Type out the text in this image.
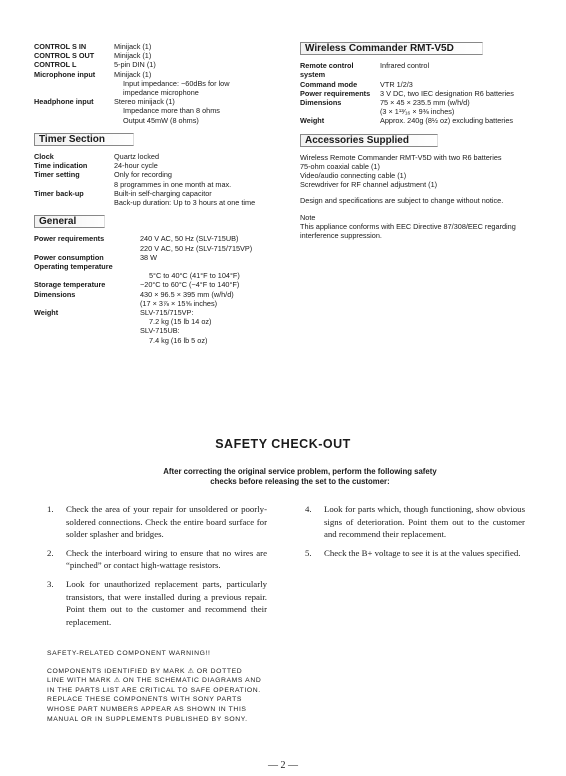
CONTROL S IN	Minijack (1)
CONTROL S OUT	Minijack (1)
CONTROL L	5-pin DIN (1)
Microphone input	Minijack (1)
Input impedance: −60dBs for low
impedance microphone
Headphone input	Stereo minijack (1)
Impedance more than 8 ohms
Output 45mW (8 ohms)
Timer Section
Clock	Quartz locked
Time indication	24-hour cycle
Timer setting	Only for recording
8 programmes in one month at max.
Timer back-up	Built-in self-charging capacitor
Back-up duration: Up to 3 hours at one time
General
Power requirements	240 V AC, 50 Hz (SLV-715UB)
220 V AC, 50 Hz (SLV-715/715VP)
Power consumption	38 W
Operating temperature
5°C to 40°C (41°F to 104°F)
Storage temperature	−20°C to 60°C (−4°F to 140°F)
Dimensions	430 × 96.5 × 395 mm (w/h/d)
(17 × 3⅞ × 15⅝ inches)
Weight	SLV-715/715VP:
7.2 kg (15 lb 14 oz)
SLV-715UB:
7.4 kg (16 lb 5 oz)
Wireless Commander RMT-V5D
Remote control	Infrared control
system
Command mode	VTR 1/2/3
Power requirements	3 V DC, two IEC designation R6 batteries
Dimensions	75 × 45 × 235.5 mm (w/h/d)
(3 × 1¹³⁄₁₆ × 9⅜ inches)
Weight	Approx. 240g (8½ oz) excluding batteries
Accessories Supplied
Wireless Remote Commander RMT-V5D with two R6 batteries
75-ohm coaxial cable (1)
Video/audio connecting cable (1)
Screwdriver for RF channel adjustment (1)
Design and specifications are subject to change without notice.
Note
This appliance conforms with EEC Directive 87/308/EEC regarding
interference suppression.
SAFETY CHECK-OUT
After correcting the original service problem, perform the following safety checks before releasing the set to the customer:
1.	Check the area of your repair for unsoldered or poorly-soldered connections. Check the entire board surface for solder splasher and bridges.
2.	Check the interboard wiring to ensure that no wires are “pinched” or contact high-wattage resistors.
3.	Look for unauthorized replacement parts, particularly transistors, that were installed during a previous repair. Point them out to the customer and recommend their replacement.
4.	Look for parts which, though functioning, show obvious signs of deterioration. Point them out to the customer and recommend their replacement.
5.	Check the B+ voltage to see it is at the values specified.
SAFETY-RELATED COMPONENT WARNING!!
COMPONENTS IDENTIFIED BY MARK ⚠ OR DOTTED LINE WITH MARK ⚠ ON THE SCHEMATIC DIAGRAMS AND IN THE PARTS LIST ARE CRITICAL TO SAFE OPERATION. REPLACE THESE COMPONENTS WITH SONY PARTS WHOSE PART NUMBERS APPEAR AS SHOWN IN THIS MANUAL OR IN SUPPLEMENTS PUBLISHED BY SONY.
— 2 —
